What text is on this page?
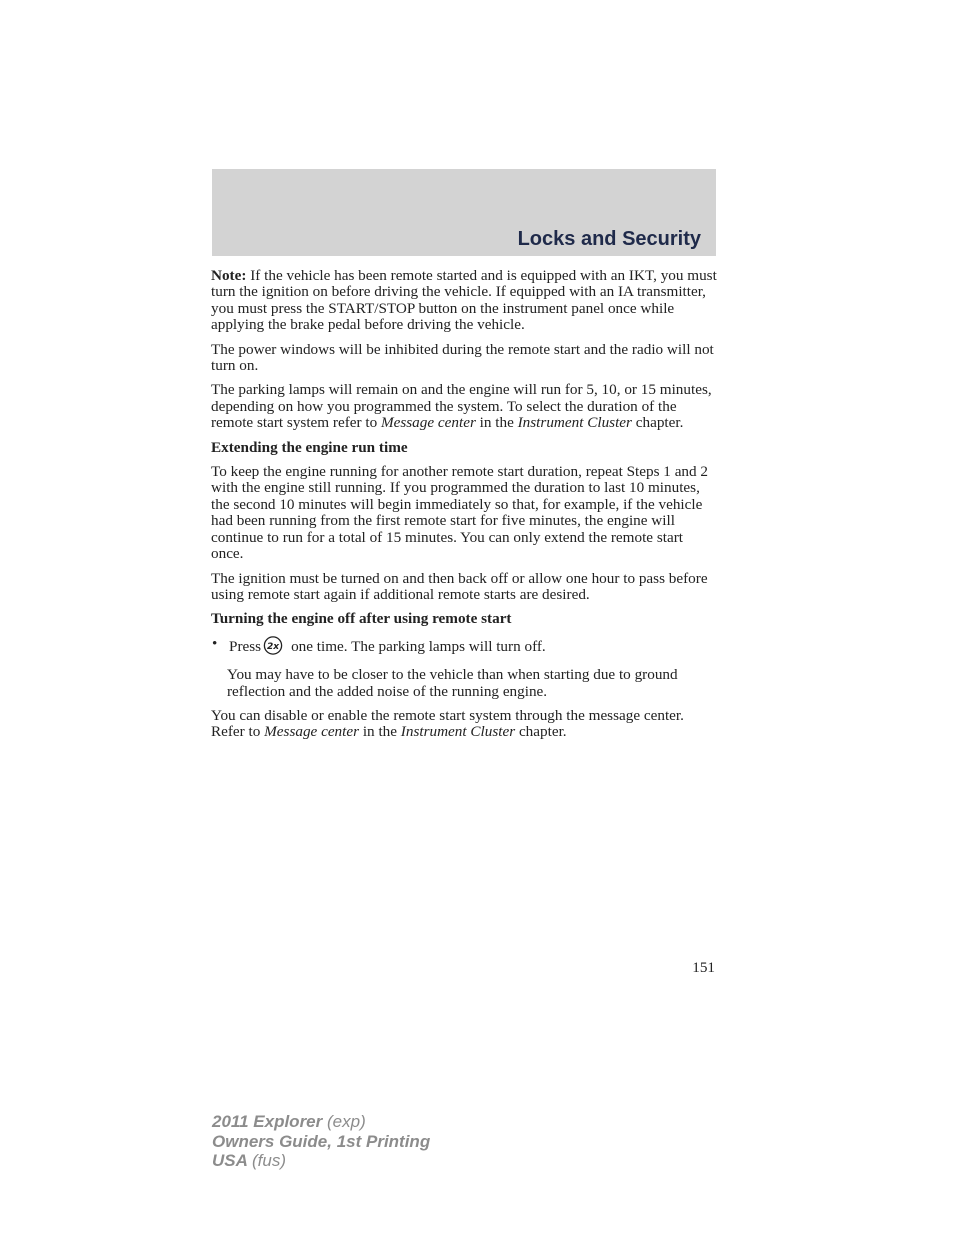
Locks and Security

Note: If the vehicle has been remote started and is equipped with an IKT, you must turn the ignition on before driving the vehicle. If equipped with an IA transmitter, you must press the START/STOP button on the instrument panel once while applying the brake pedal before driving the vehicle.

The power windows will be inhibited during the remote start and the radio will not turn on.

The parking lamps will remain on and the engine will run for 5, 10, or 15 minutes, depending on how you programmed the system. To select the duration of the remote start system refer to Message center in the Instrument Cluster chapter.

Extending the engine run time

To keep the engine running for another remote start duration, repeat Steps 1 and 2 with the engine still running. If you programmed the duration to last 10 minutes, the second 10 minutes will begin immediately so that, for example, if the vehicle had been running from the first remote start for five minutes, the engine will continue to run for a total of 15 minutes. You can only extend the remote start once.

The ignition must be turned on and then back off or allow one hour to pass before using remote start again if additional remote starts are desired.

Turning the engine off after using remote start
• Press 2x one time. The parking lamps will turn off.

You may have to be closer to the vehicle than when starting due to ground reflection and the added noise of the running engine.

You can disable or enable the remote start system through the message center. Refer to Message center in the Instrument Cluster chapter.

151
2011 Explorer (exp)
Owners Guide, 1st Printing
USA (fus)
